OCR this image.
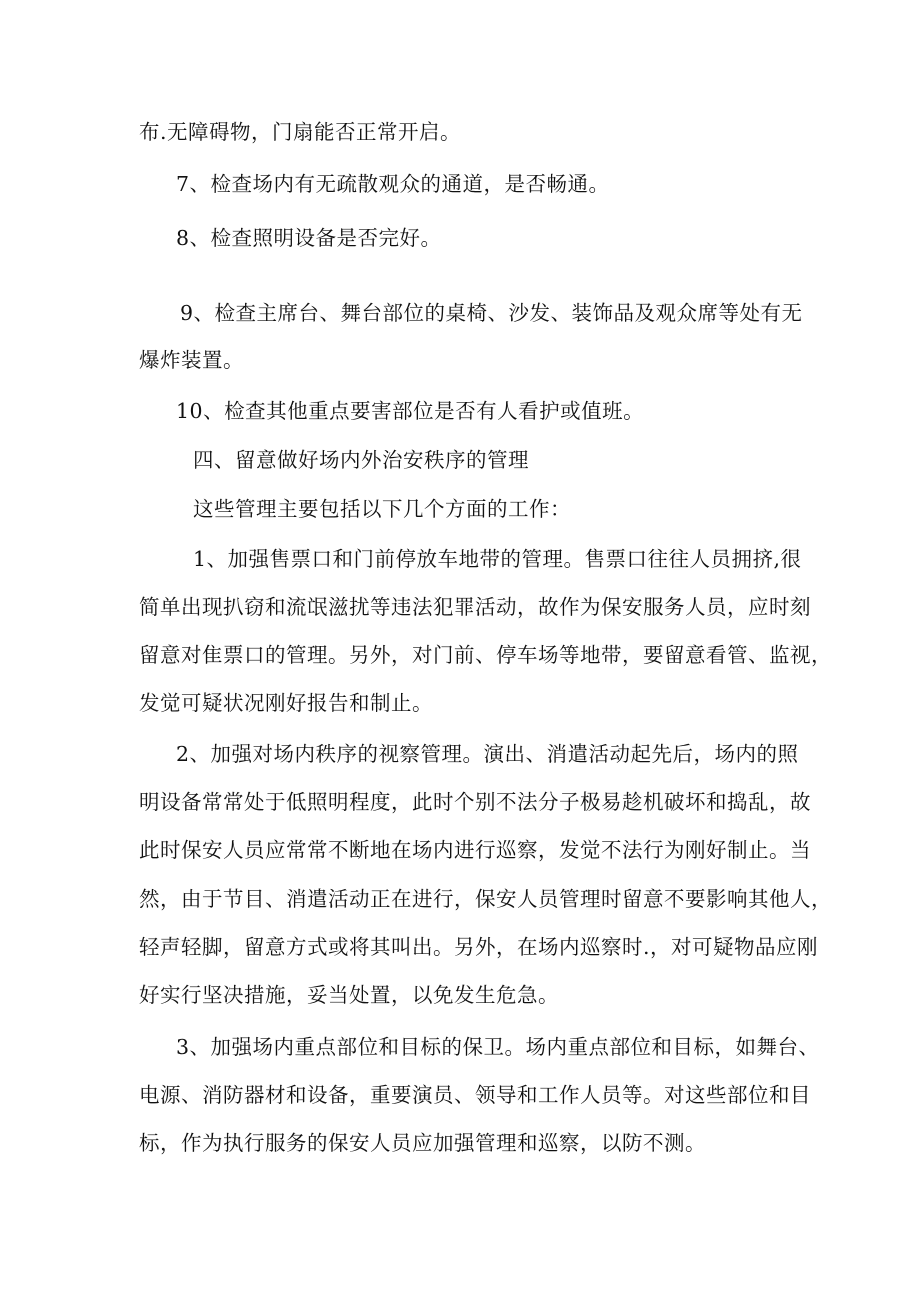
布.无障碍物，门扇能否正常开启。
7、检查场内有无疏散观众的通道，是否畅通。
8、检查照明设备是否完好。
9、检查主席台、舞台部位的桌椅、沙发、装饰品及观众席等处有无
爆炸装置。
10、检查其他重点要害部位是否有人看护或值班。
四、留意做好场内外治安秩序的管理
这些管理主要包括以下几个方面的工作：
1、加强售票口和门前停放车地带的管理。售票口往往人员拥挤,很
简单出现扒窃和流氓滋扰等违法犯罪活动，故作为保安服务人员，应时刻
留意对隹票口的管理。另外，对门前、停车场等地带，要留意看管、监视，
发觉可疑状况刚好报告和制止。
2、加强对场内秩序的视察管理。演出、消遣活动起先后，场内的照
明设备常常处于低照明程度，此时个别不法分子极易趁机破坏和捣乱，故
此时保安人员应常常不断地在场内进行巡察，发觉不法行为刚好制止。当
然，由于节目、消遣活动正在进行，保安人员管理时留意不要影响其他人，
轻声轻脚，留意方式或将其叫出。另外，在场内巡察时.，对可疑物品应刚
好实行坚决措施，妥当处置，以免发生危急。
3、加强场内重点部位和目标的保卫。场内重点部位和目标，如舞台、
电源、消防器材和设备，重要演员、领导和工作人员等。对这些部位和目
标，作为执行服务的保安人员应加强管理和巡察，以防不测。
